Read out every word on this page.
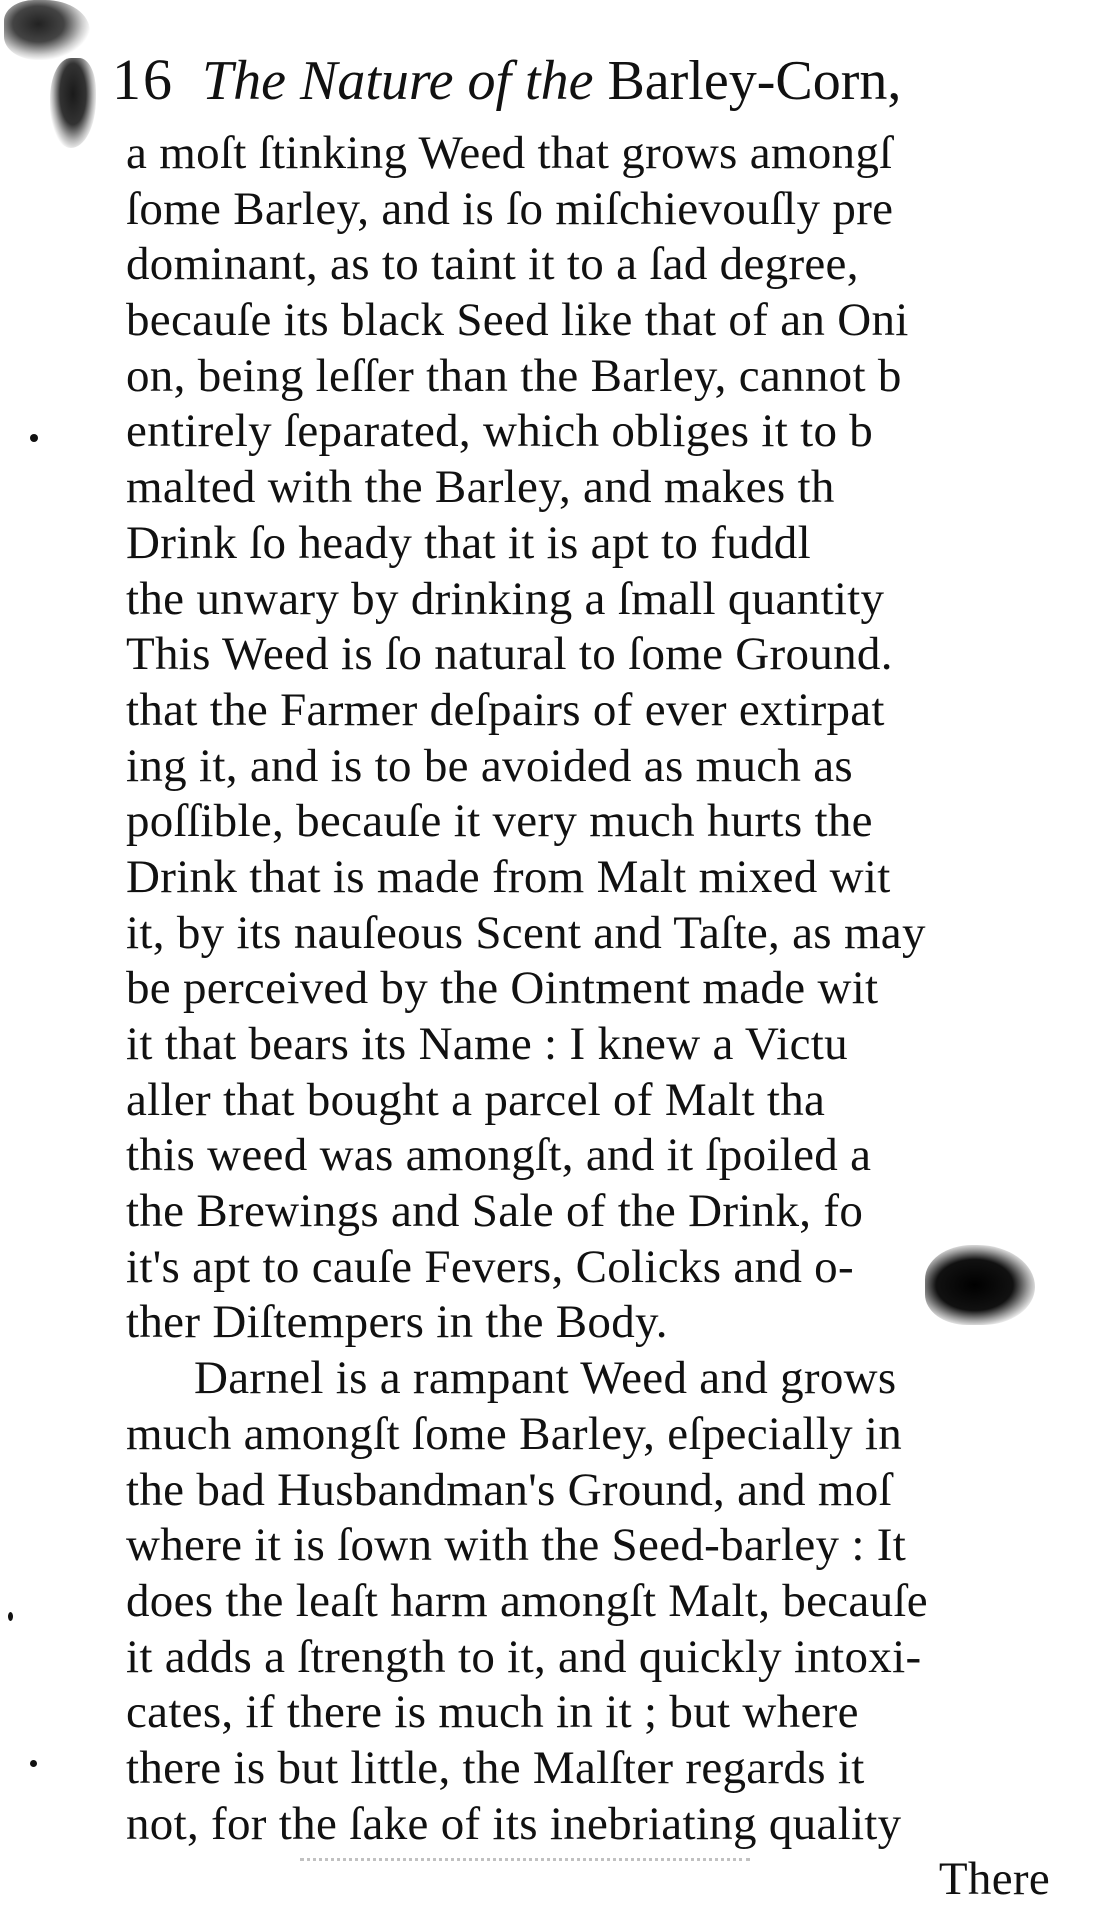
16 The Nature of the Barley-Corn,
a moſt ſtinking Weed that grows amongſ
ſome Barley, and is ſo miſchievouſly pre
dominant, as to taint it to a ſad degree,
becauſe its black Seed like that of an Oni
on, being leſſer than the Barley, cannot b
entirely ſeparated, which obliges it to b
malted with the Barley, and makes th
Drink ſo heady that it is apt to fuddl
the unwary by drinking a ſmall quantity
This Weed is ſo natural to ſome Ground.
that the Farmer deſpairs of ever extirpat
ing it, and is to be avoided as much as
poſſible, becauſe it very much hurts the
Drink that is made from Malt mixed wit
it, by its nauſeous Scent and Taſte, as may
be perceived by the Ointment made wit
it that bears its Name : I knew a Victu
aller that bought a parcel of Malt tha
this weed was amongſt, and it ſpoiled a
the Brewings and Sale of the Drink, fo
it's apt to cauſe Fevers, Colicks and o-
ther Diſtempers in the Body.
Darnel is a rampant Weed and grows
much amongſt ſome Barley, eſpecially in
the bad Husbandman's Ground, and moſ
where it is ſown with the Seed-barley : It
does the leaſt harm amongſt Malt, becauſe
it adds a ſtrength to it, and quickly intoxi-
cates, if there is much in it ; but where
there is but little, the Malſter regards it
not, for the ſake of its inebriating quality
There
